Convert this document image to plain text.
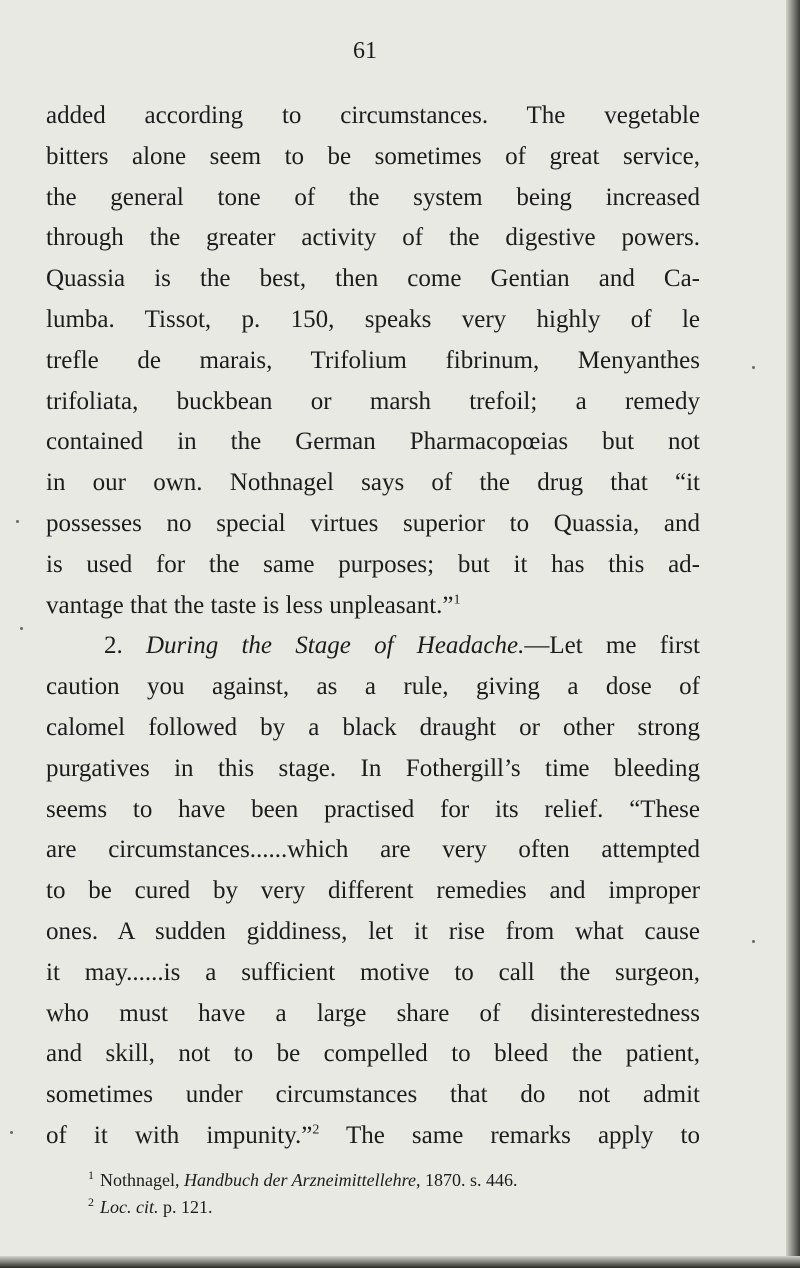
61
added according to circumstances. The vegetable
bitters alone seem to be sometimes of great service,
the general tone of the system being increased
through the greater activity of the digestive powers.
Quassia is the best, then come Gentian and Ca-
lumba. Tissot, p. 150, speaks very highly of le
trefle de marais, Trifolium fibrinum, Menyanthes
trifoliata, buckbean or marsh trefoil; a remedy
contained in the German Pharmacopœias but not
in our own. Nothnagel says of the drug that “it
possesses no special virtues superior to Quassia, and
is used for the same purposes; but it has this ad-
vantage that the taste is less unpleasant.”$^1$
2. During the Stage of Headache.—Let me first
caution you against, as a rule, giving a dose of
calomel followed by a black draught or other strong
purgatives in this stage. In Fothergill’s time bleeding
seems to have been practised for its relief. “These
are circumstances......which are very often attempted
to be cured by very different remedies and improper
ones. A sudden giddiness, let it rise from what cause
it may......is a sufficient motive to call the surgeon,
who must have a large share of disinterestedness
and skill, not to be compelled to bleed the patient,
sometimes under circumstances that do not admit
of it with impunity.”$^2$ The same remarks apply to
$^1$ Nothnagel, Handbuch der Arzneimittellehre, 1870. s. 446.
$^2$ Loc. cit. p. 121.
